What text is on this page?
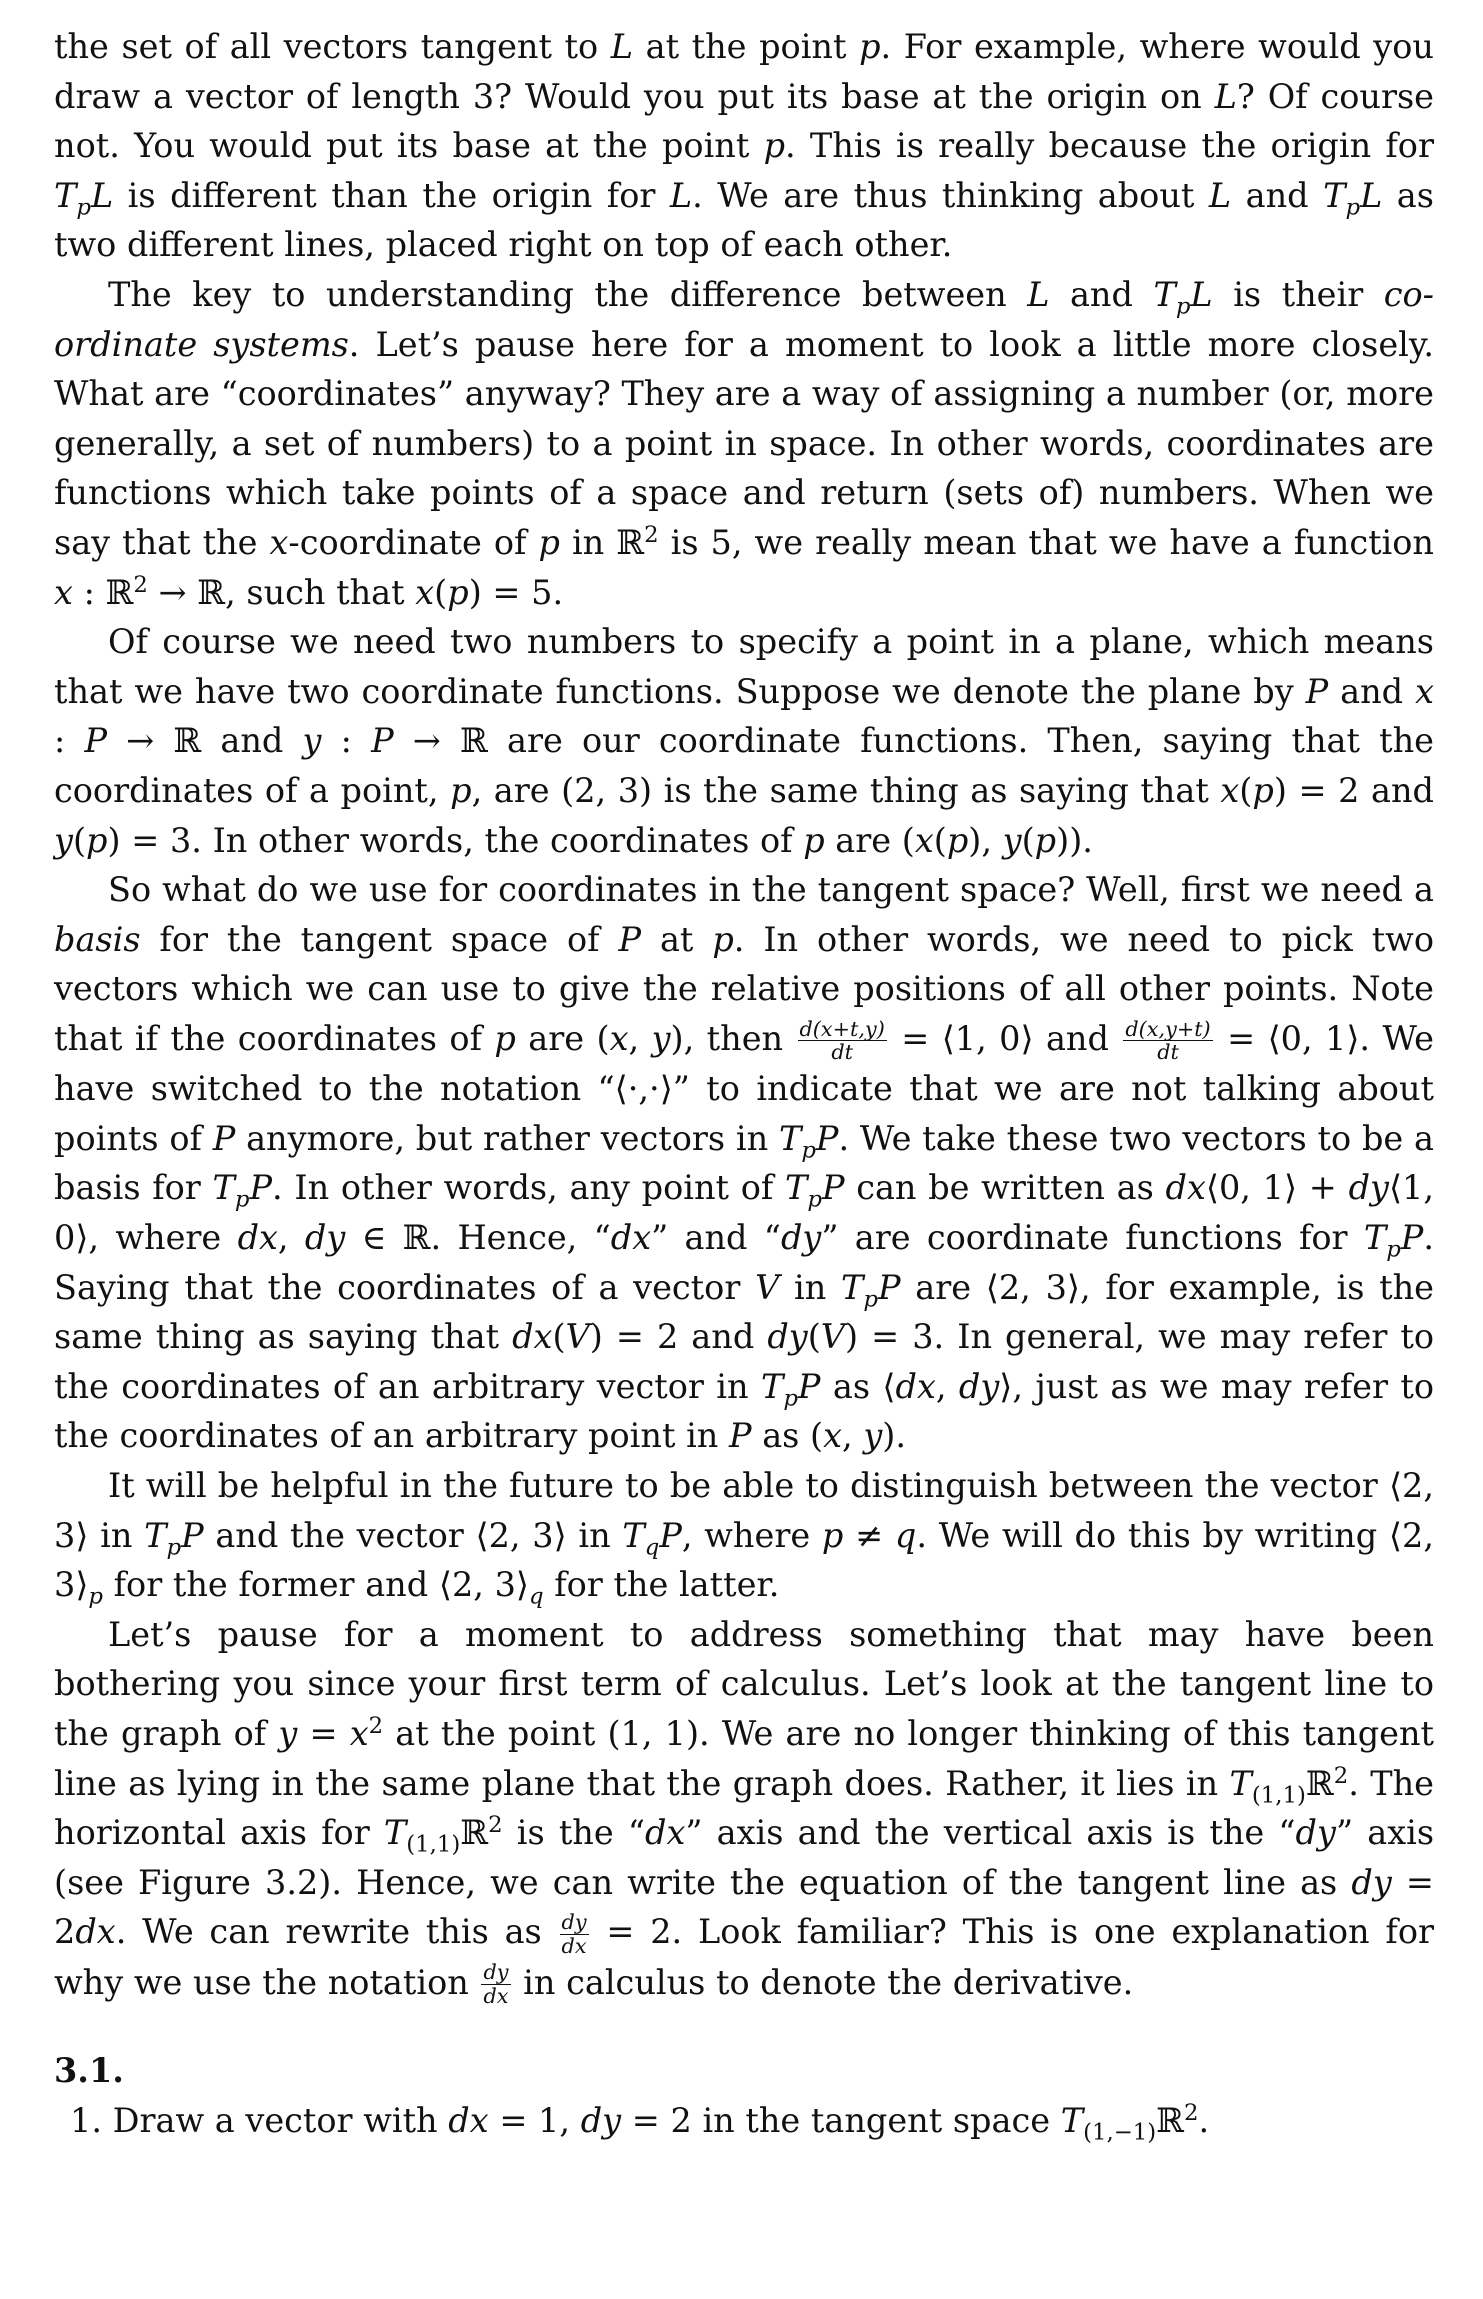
the set of all vectors tangent to L at the point p. For example, where would you draw a vector of length 3? Would you put its base at the origin on L? Of course not. You would put its base at the point p. This is really because the origin for $T_pL$ is different than the origin for L. We are thus thinking about L and $T_pL$ as two different lines, placed right on top of each other.

The key to understanding the difference between L and $T_pL$ is their co-ordinate systems. Let’s pause here for a moment to look a little more closely. What are “coordinates” anyway? They are a way of assigning a number (or, more generally, a set of numbers) to a point in space. In other words, coordinates are functions which take points of a space and return (sets of) numbers. When we say that the x-coordinate of p in ℝ$^2$ is 5, we really mean that we have a function x : ℝ$^2$ → ℝ, such that x(p) = 5.

Of course we need two numbers to specify a point in a plane, which means that we have two coordinate functions. Suppose we denote the plane by P and x : P → ℝ and y : P → ℝ are our coordinate functions. Then, saying that the coordinates of a point, p, are (2, 3) is the same thing as saying that x(p) = 2 and y(p) = 3. In other words, the coordinates of p are (x(p), y(p)).

So what do we use for coordinates in the tangent space? Well, first we need a basis for the tangent space of P at p. In other words, we need to pick two vectors which we can use to give the relative positions of all other points. Note that if the coordinates of p are (x, y), then $\frac{d(x+t,y)}{dt}$ = ⟨1, 0⟩ and $\frac{d(x,y+t)}{dt}$ = ⟨0, 1⟩. We have switched to the notation “⟨·,·⟩” to indicate that we are not talking about points of P anymore, but rather vectors in $T_pP$. We take these two vectors to be a basis for $T_pP$. In other words, any point of $T_pP$ can be written as dx⟨0, 1⟩ + dy⟨1, 0⟩, where dx, dy ∈ ℝ. Hence, “dx” and “dy” are coordinate functions for $T_pP$. Saying that the coordinates of a vector V in $T_pP$ are ⟨2, 3⟩, for example, is the same thing as saying that dx(V) = 2 and dy(V) = 3. In general, we may refer to the coordinates of an arbitrary vector in $T_pP$ as ⟨dx, dy⟩, just as we may refer to the coordinates of an arbitrary point in P as (x, y).

It will be helpful in the future to be able to distinguish between the vector ⟨2, 3⟩ in $T_pP$ and the vector ⟨2, 3⟩ in $T_qP$, where p ≠ q. We will do this by writing ⟨2, $3⟩_p$ for the former and ⟨2, $3⟩_q$ for the latter.

Let’s pause for a moment to address something that may have been bothering you since your first term of calculus. Let’s look at the tangent line to the graph of $y = x^2$ at the point (1, 1). We are no longer thinking of this tangent line as lying in the same plane that the graph does. Rather, it lies in $T_{(1,1)}ℝ^2$. The horizontal axis for $T_{(1,1)}ℝ^2$ is the “dx” axis and the vertical axis is the “dy” axis (see Figure 3.2). Hence, we can write the equation of the tangent line as dy = 2dx. We can rewrite this as $\frac{dy}{dx} = 2$. Look familiar? This is one explanation for why we use the notation $\frac{dy}{dx}$ in calculus to denote the derivative.

3.1.

1. Draw a vector with dx = 1, dy = 2 in the tangent space $T_{(1,-1)}ℝ^2$.
